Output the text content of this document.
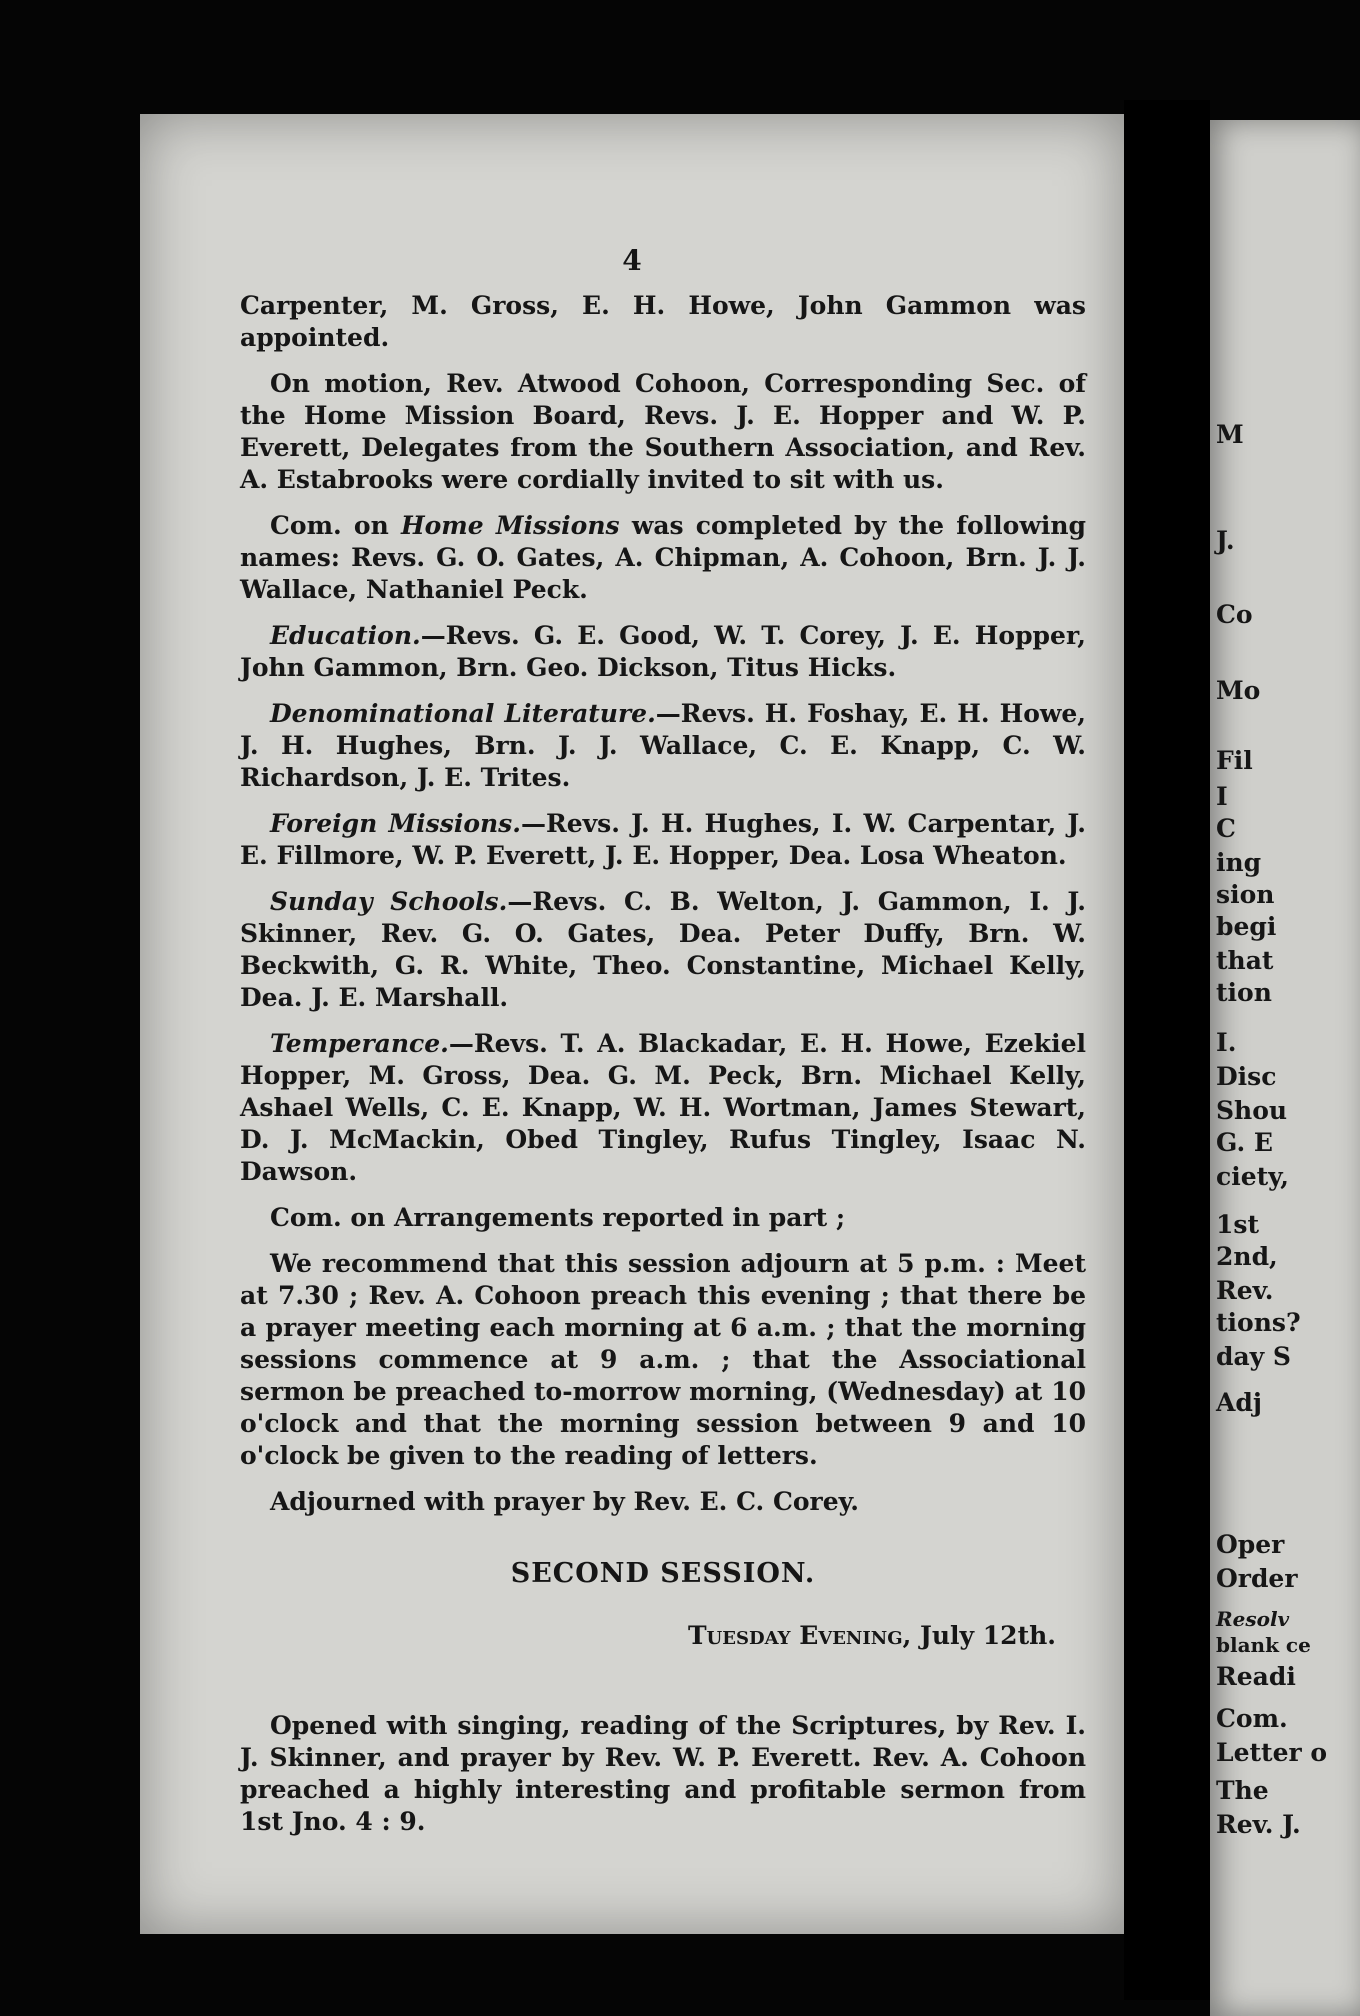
4

Carpenter, M. Gross, E. H. Howe, John Gammon was appointed.

On motion, Rev. Atwood Cohoon, Corresponding Sec. of the Home Mission Board, Revs. J. E. Hopper and W. P. Everett, Delegates from the Southern Association, and Rev. A. Estabrooks were cordially invited to sit with us.

Com. on Home Missions was completed by the following names: Revs. G. O. Gates, A. Chipman, A. Cohoon, Brn. J. J. Wallace, Nathaniel Peck.

Education.—Revs. G. E. Good, W. T. Corey, J. E. Hopper, John Gammon, Brn. Geo. Dickson, Titus Hicks.

Denominational Literature.—Revs. H. Foshay, E. H. Howe, J. H. Hughes, Brn. J. J. Wallace, C. E. Knapp, C. W. Richardson, J. E. Trites.

Foreign Missions.—Revs. J. H. Hughes, I. W. Carpentar, J. E. Fillmore, W. P. Everett, J. E. Hopper, Dea. Losa Wheaton.

Sunday Schools.—Revs. C. B. Welton, J. Gammon, I. J. Skinner, Rev. G. O. Gates, Dea. Peter Duffy, Brn. W. Beckwith, G. R. White, Theo. Constantine, Michael Kelly, Dea. J. E. Marshall.

Temperance.—Revs. T. A. Blackadar, E. H. Howe, Ezekiel Hopper, M. Gross, Dea. G. M. Peck, Brn. Michael Kelly, Ashael Wells, C. E. Knapp, W. H. Wortman, James Stewart, D. J. McMackin, Obed Tingley, Rufus Tingley, Isaac N. Dawson.

Com. on Arrangements reported in part ;

We recommend that this session adjourn at 5 p.m. : Meet at 7.30 ; Rev. A. Cohoon preach this evening ; that there be a prayer meeting each morning at 6 a.m. ; that the morning sessions commence at 9 a.m. ; that the Associational sermon be preached to-morrow morning, (Wednesday) at 10 o'clock and that the morning session between 9 and 10 o'clock be given to the reading of letters.

Adjourned with prayer by Rev. E. C. Corey.

SECOND SESSION.

Tuesday Evening, July 12th.

Opened with singing, reading of the Scriptures, by Rev. I. J. Skinner, and prayer by Rev. W. P. Everett. Rev. A. Cohoon preached a highly interesting and profitable sermon from 1st Jno. 4 : 9.

M
J.
Co
Mo
Fil
I
C
ing
sion
begi
that
tion
I.
Disc
Shou
G. E
ciety,
1st
2nd,
Rev.
tions?
day S
Adj
Oper
Order
Resolv
blank ce
Readi
Com.
Letter o
The
Rev. J.
